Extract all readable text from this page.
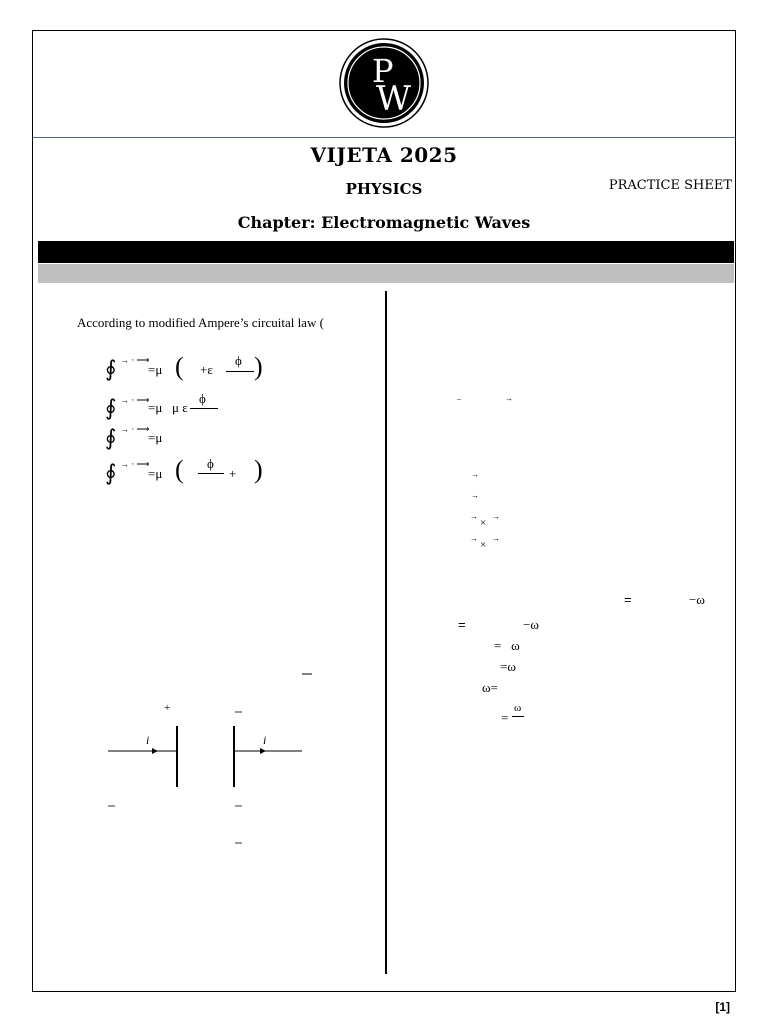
P
W
VIJETA 2025
PHYSICS	PRACTICE SHEET
Chapter: Electromagnetic Waves
According to modified Ampere’s circuital law (
∮ → · ⟶
=μ ( +ε
ϕ )
∮ → · ⟶
=μ μ ε
ϕ
∮ → · ⟶
=μ
∮ → · ⟶
=μ ( ϕ
+ )
+
i	i
–	→
→
→
→
×
→
→
×
→
=	−ω
=	−ω
=   ω
=ω
ω=
=
ω
[1]
